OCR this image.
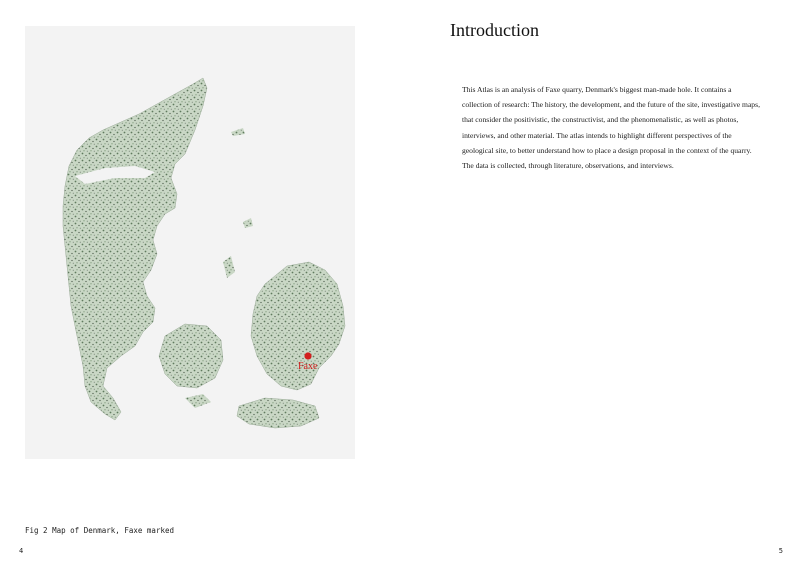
Faxe
Fig 2 Map of Denmark, Faxe marked
4
Introduction

This Atlas is an analysis of Faxe quarry, Denmark's biggest man-made hole. It contains a collection of research: The history, the development, and the future of the site, investigative maps, that consider the positivistic, the constructivist, and the phenomenalistic, as well as photos, interviews, and other material. The atlas intends to highlight different perspectives of the geological site, to better understand how to place a design proposal in the context of the quarry.

The data is collected, through literature, observations, and interviews.

5
